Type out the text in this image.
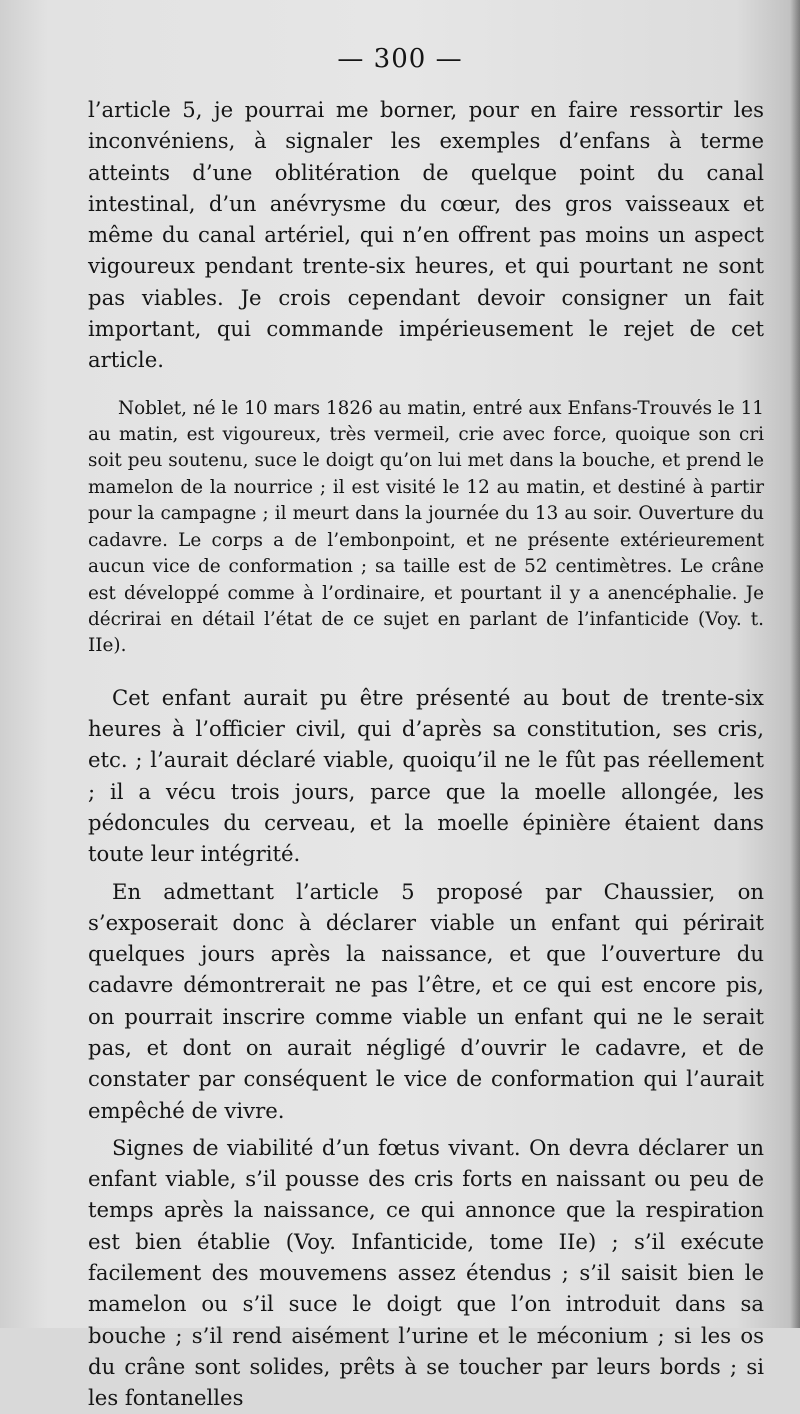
— 300 —

l’article 5, je pourrai me borner, pour en faire ressortir les inconvéniens, à signaler les exemples d’enfans à terme atteints d’une oblitération de quelque point du canal intestinal, d’un anévrysme du cœur, des gros vaisseaux et même du canal artériel, qui n’en offrent pas moins un aspect vigoureux pendant trente-six heures, et qui pourtant ne sont pas viables. Je crois cependant devoir consigner un fait important, qui commande impérieusement le rejet de cet article.

Noblet, né le 10 mars 1826 au matin, entré aux Enfans-Trouvés le 11 au matin, est vigoureux, très vermeil, crie avec force, quoique son cri soit peu soutenu, suce le doigt qu’on lui met dans la bouche, et prend le mamelon de la nourrice ; il est visité le 12 au matin, et destiné à partir pour la campagne ; il meurt dans la journée du 13 au soir. Ouverture du cadavre. Le corps a de l’embonpoint, et ne présente extérieurement aucun vice de conformation ; sa taille est de 52 centimètres. Le crâne est développé comme à l’ordinaire, et pourtant il y a anencéphalie. Je décrirai en détail l’état de ce sujet en parlant de l’infanticide (Voy. t. IIe).

Cet enfant aurait pu être présenté au bout de trente-six heures à l’officier civil, qui d’après sa constitution, ses cris, etc. ; l’aurait déclaré viable, quoiqu’il ne le fût pas réellement ; il a vécu trois jours, parce que la moelle allongée, les pédoncules du cerveau, et la moelle épinière étaient dans toute leur intégrité.

En admettant l’article 5 proposé par Chaussier, on s’exposerait donc à déclarer viable un enfant qui périrait quelques jours après la naissance, et que l’ouverture du cadavre démontrerait ne pas l’être, et ce qui est encore pis, on pourrait inscrire comme viable un enfant qui ne le serait pas, et dont on aurait négligé d’ouvrir le cadavre, et de constater par conséquent le vice de conformation qui l’aurait empêché de vivre.

Signes de viabilité d’un fœtus vivant. On devra déclarer un enfant viable, s’il pousse des cris forts en naissant ou peu de temps après la naissance, ce qui annonce que la respiration est bien établie (Voy. Infanticide, tome IIe) ; s’il exécute facilement des mouvemens assez étendus ; s’il saisit bien le mamelon ou s’il suce le doigt que l’on introduit dans sa bouche ; s’il rend aisément l’urine et le méconium ; si les os du crâne sont solides, prêts à se toucher par leurs bords ; si les fontanelles
